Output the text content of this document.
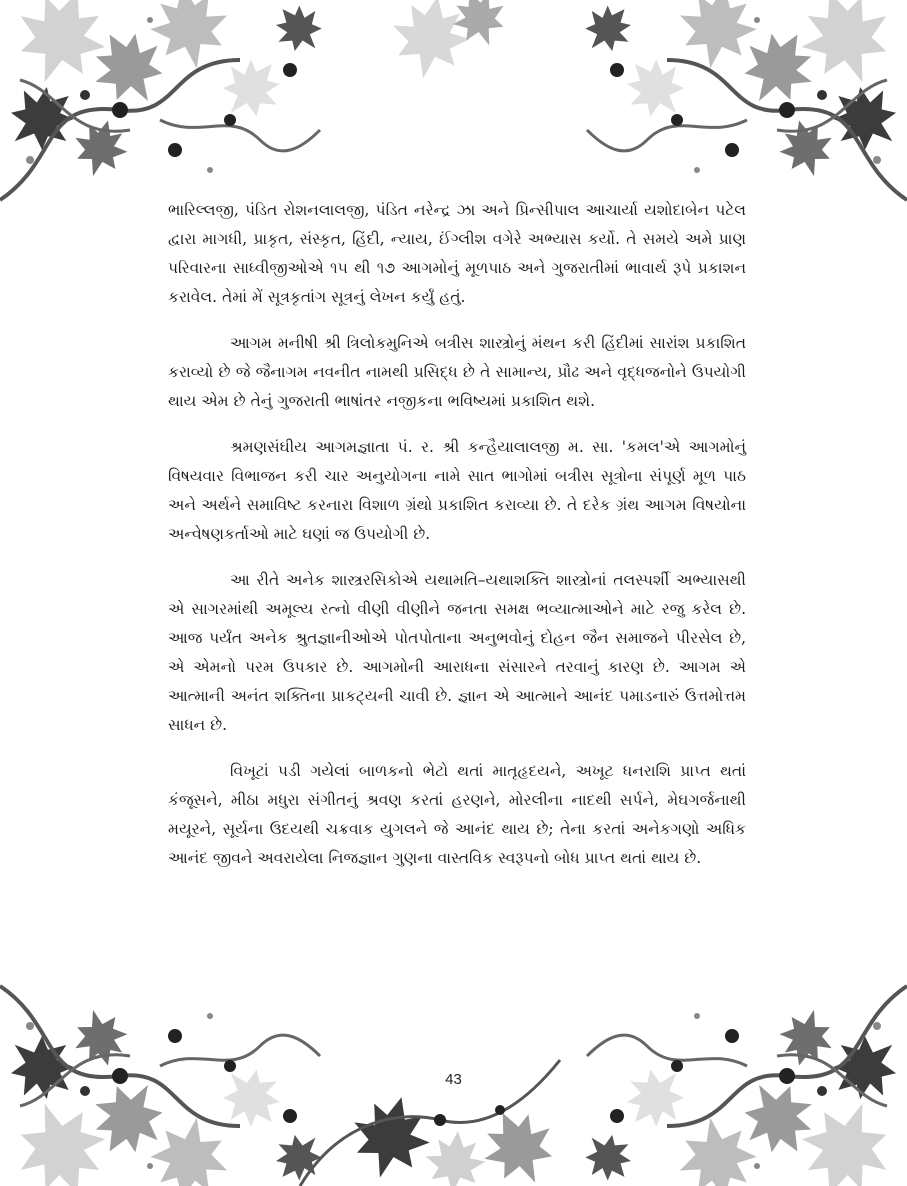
ભારિલ્લજી, પંડિત રોશનલાલજી, પંડિત નરેન્દ્ર ઝા અને પ્રિન્સીપાલ આચાર્યા યશોદાબેન પટેલ દ્વારા માગધી, પ્રાકૃત, સંસ્કૃત, હિંદી, ન્યાય, ઈંગ્લીશ વગેરે અભ્યાસ કર્યો. તે સમયે અમે પ્રાણ પરિવારના સાધ્વીજીઓએ ૧૫ થી ૧૭ આગમોનું મૂળપાઠ અને ગુજરાતીમાં ભાવાર્થ રૂપે પ્રકાશન કરાવેલ. તેમાં મેં સૂત્રકૃતાંગ સૂત્રનું લેખન કર્યું હતું.

આગમ મનીષી શ્રી ત્રિલોકમુનિએ બત્રીસ શાસ્ત્રોનું મંથન કરી હિંદીમાં સારાંશ પ્રકાશિત કરાવ્યો છે જે જૈનાગમ નવનીત નામથી પ્રસિદ્ધ છે તે સામાન્ય, પ્રૌઢ અને વૃદ્ધજનોને ઉપયોગી થાય એમ છે તેનું ગુજરાતી ભાષાંતર નજીકના ભવિષ્યમાં પ્રકાશિત થશે.

શ્રમણસંઘીય આગમજ્ઞાતા પં. ર. શ્રી કન્હૈયાલાલજી મ. સા. 'કમલ'એ આગમોનું વિષયવાર વિભાજન કરી ચાર અનુયોગના નામે સાત ભાગોમાં બત્રીસ સૂત્રોના સંપૂર્ણ મૂળ પાઠ અને અર્થને સમાવિષ્ટ કરનારા વિશાળ ગ્રંથો પ્રકાશિત કરાવ્યા છે. તે દરેક ગ્રંથ આગમ વિષયોના અન્વેષણકર્તાઓ માટે ઘણાં જ ઉપયોગી છે.

આ રીતે અનેક શાસ્ત્રરસિકોએ યથામતિ–યથાશક્તિ શાસ્ત્રોનાં તલસ્પર્શી અભ્યાસથી એ સાગરમાંથી અમૂલ્ય રત્નો વીણી વીણીને જનતા સમક્ષ ભવ્યાત્માઓને માટે રજુ કરેલ છે. આજ પર્યંત અનેક શ્રુતજ્ઞાનીઓએ પોતપોતાના અનુભવોનું દોહન જૈન સમાજને પીરસેલ છે, એ એમનો પરમ ઉપકાર છે. આગમોની આરાધના સંસારને તરવાનું કારણ છે. આગમ એ આત્માની અનંત શક્તિના પ્રાકટ્યની ચાવી છે. જ્ઞાન એ આત્માને આનંદ પમાડનારું ઉત્તમોત્તમ સાધન છે.

વિખૂટાં પડી ગયેલાં બાળકનો ભેટો થતાં માતૃહૃદયને, અખૂટ ધનરાશિ પ્રાપ્ત થતાં કંજૂસને, મીઠા મધુરા સંગીતનું શ્રવણ કરતાં હરણને, મોરલીના નાદથી સર્પને, મેઘગર્જનાથી મયૂરને, સૂર્યના ઉદયથી ચક્રવાક યુગલને જે આનંદ થાય છે; તેના કરતાં અનેકગણો અધિક આનંદ જીવને અવરાયેલા નિજજ્ઞાન ગુણના વાસ્તવિક સ્વરૂપનો બોધ પ્રાપ્ત થતાં થાય છે.

43
